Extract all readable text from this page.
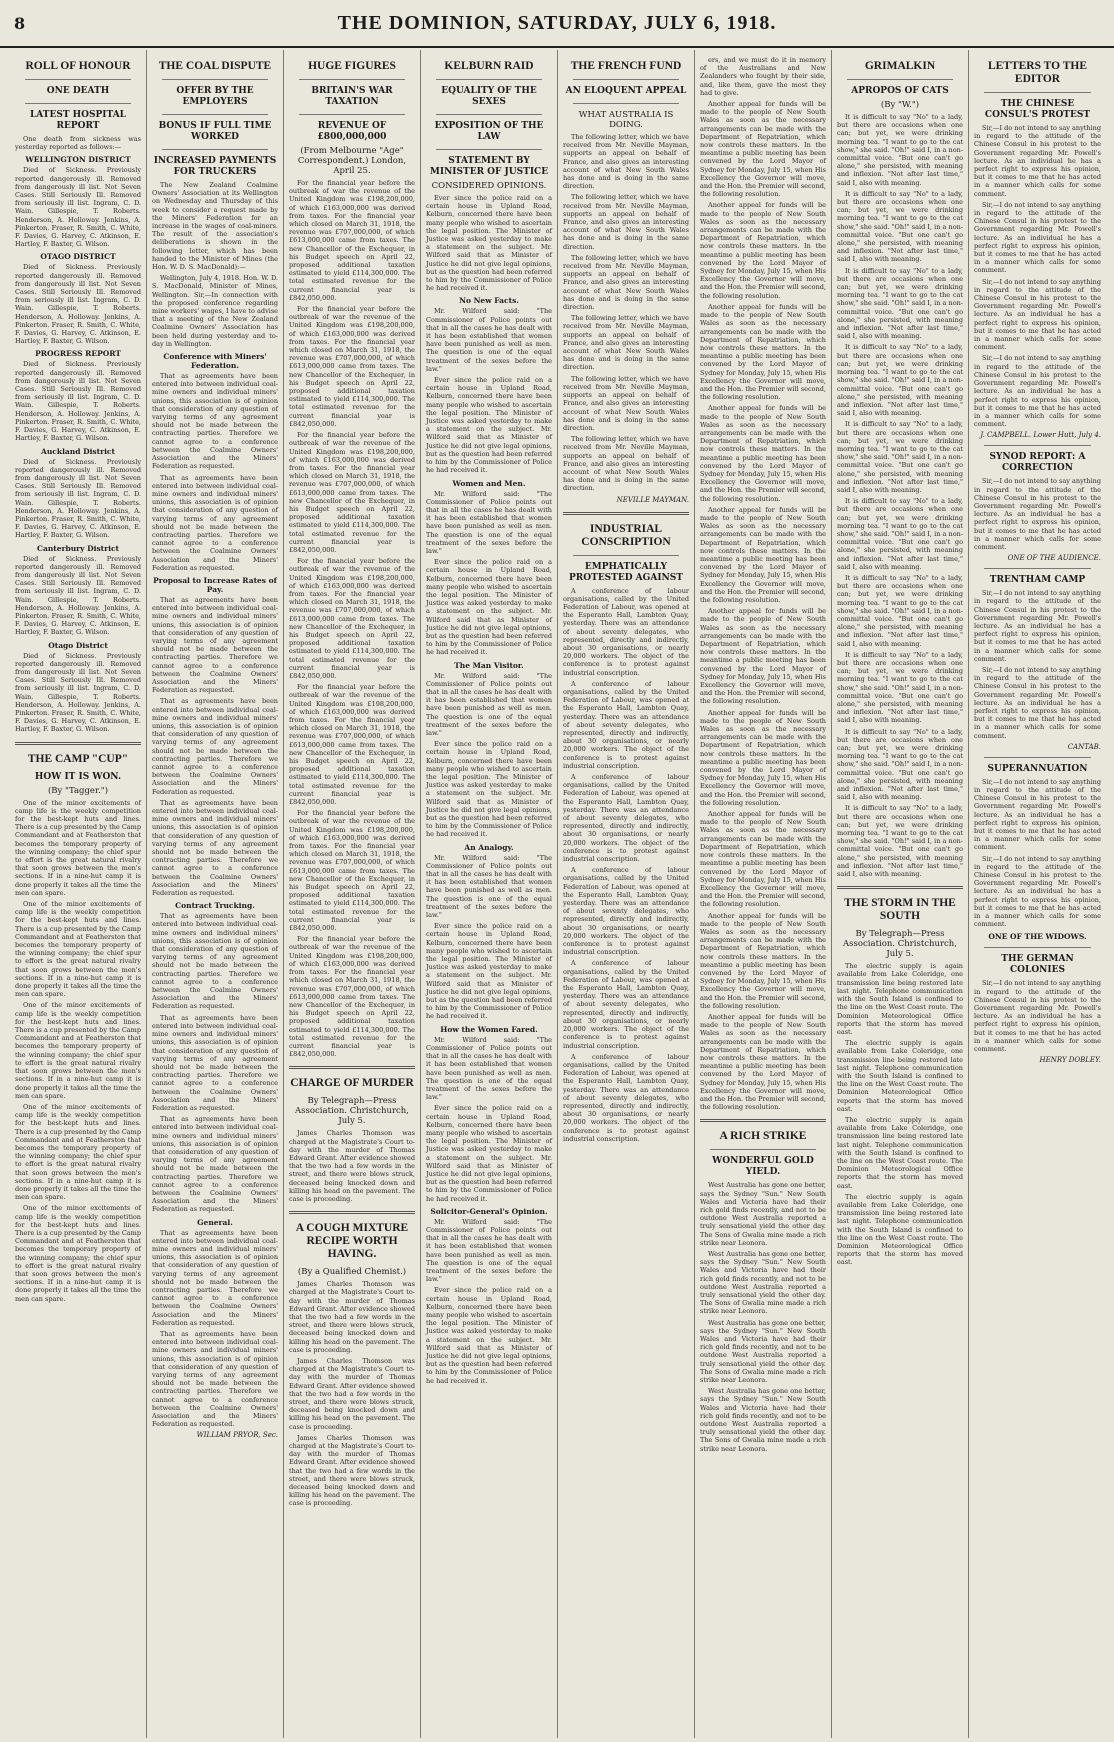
8	THE DOMINION, SATURDAY, JULY 6, 1918.
ROLL OF HONOUR
ONE DEATH
LATEST HOSPITAL REPORT

One death from sickness was yesterday reported as follows:—

WELLINGTON DISTRICT

Died of Sickness. Previously reported dangerously ill. Removed from dangerously ill list. Not Seven Cases. Still Seriously Ill. Removed from seriously ill list. Ingram, C. D. Wain. Gillespie, T. Roberts. Henderson, A. Holloway. Jenkins, A. Pinkerton. Fraser, R. Smith, C. White, F. Davies, G. Harvey, C. Atkinson, E. Hartley, F. Baxter, G. Wilson.

OTAGO DISTRICT

Died of Sickness. Previously reported dangerously ill. Removed from dangerously ill list. Not Seven Cases. Still Seriously Ill. Removed from seriously ill list. Ingram, C. D. Wain. Gillespie, T. Roberts. Henderson, A. Holloway. Jenkins, A. Pinkerton. Fraser, R. Smith, C. White, F. Davies, G. Harvey, C. Atkinson, E. Hartley, F. Baxter, G. Wilson.

PROGRESS REPORT

Died of Sickness. Previously reported dangerously ill. Removed from dangerously ill list. Not Seven Cases. Still Seriously Ill. Removed from seriously ill list. Ingram, C. D. Wain. Gillespie, T. Roberts. Henderson, A. Holloway. Jenkins, A. Pinkerton. Fraser, R. Smith, C. White, F. Davies, G. Harvey, C. Atkinson, E. Hartley, F. Baxter, G. Wilson.

Auckland District

Died of Sickness. Previously reported dangerously ill. Removed from dangerously ill list. Not Seven Cases. Still Seriously Ill. Removed from seriously ill list. Ingram, C. D. Wain. Gillespie, T. Roberts. Henderson, A. Holloway. Jenkins, A. Pinkerton. Fraser, R. Smith, C. White, F. Davies, G. Harvey, C. Atkinson, E. Hartley, F. Baxter, G. Wilson.

Canterbury District

Died of Sickness. Previously reported dangerously ill. Removed from dangerously ill list. Not Seven Cases. Still Seriously Ill. Removed from seriously ill list. Ingram, C. D. Wain. Gillespie, T. Roberts. Henderson, A. Holloway. Jenkins, A. Pinkerton. Fraser, R. Smith, C. White, F. Davies, G. Harvey, C. Atkinson, E. Hartley, F. Baxter, G. Wilson.

Otago District

Died of Sickness. Previously reported dangerously ill. Removed from dangerously ill list. Not Seven Cases. Still Seriously Ill. Removed from seriously ill list. Ingram, C. D. Wain. Gillespie, T. Roberts. Henderson, A. Holloway. Jenkins, A. Pinkerton. Fraser, R. Smith, C. White, F. Davies, G. Harvey, C. Atkinson, E. Hartley, F. Baxter, G. Wilson.

THE CAMP "CUP"
HOW IT IS WON.
(By "Tagger.")

One of the minor excitements of camp life is the weekly competition for the best-kept huts and lines. There is a cup presented by the Camp Commandant and at Featherston that becomes the temporary property of the winning company; the chief spur to effort is the great natural rivalry that soon grows between the men's sections. If in a nine-hut camp it is done properly it takes all the time the men can spare.

One of the minor excitements of camp life is the weekly competition for the best-kept huts and lines. There is a cup presented by the Camp Commandant and at Featherston that becomes the temporary property of the winning company; the chief spur to effort is the great natural rivalry that soon grows between the men's sections. If in a nine-hut camp it is done properly it takes all the time the men can spare.

One of the minor excitements of camp life is the weekly competition for the best-kept huts and lines. There is a cup presented by the Camp Commandant and at Featherston that becomes the temporary property of the winning company; the chief spur to effort is the great natural rivalry that soon grows between the men's sections. If in a nine-hut camp it is done properly it takes all the time the men can spare.

One of the minor excitements of camp life is the weekly competition for the best-kept huts and lines. There is a cup presented by the Camp Commandant and at Featherston that becomes the temporary property of the winning company; the chief spur to effort is the great natural rivalry that soon grows between the men's sections. If in a nine-hut camp it is done properly it takes all the time the men can spare.

One of the minor excitements of camp life is the weekly competition for the best-kept huts and lines. There is a cup presented by the Camp Commandant and at Featherston that becomes the temporary property of the winning company; the chief spur to effort is the great natural rivalry that soon grows between the men's sections. If in a nine-hut camp it is done properly it takes all the time the men can spare.

THE COAL DISPUTE
OFFER BY THE EMPLOYERS
BONUS IF FULL TIME WORKED
INCREASED PAYMENTS FOR TRUCKERS

The New Zealand Coalmine Owners' Association at its Wellington on Wednesday and Thursday of this week to consider a request made by the Miners' Federation for an increase in the wages of coal-miners. The result of the association's deliberations is shown in the following letter, which has been handed to the Minister of Mines (the Hon. W. D. S. MacDonald):—

Wellington, July 4, 1918. Hon. W. D. S. MacDonald, Minister of Mines, Wellington. Sir,—In connection with the proposed conference regarding mine workers' wages, I have to advise that a meeting of the New Zealand Coalmine Owners' Association has been held during yesterday and to-day in Wellington.

Conference with Miners' Federation.

That as agreements have been entered into between individual coal-mine owners and individual miners' unions, this association is of opinion that consideration of any question of varying terms of any agreement should not be made between the contracting parties. Therefore we cannot agree to a conference between the Coalmine Owners' Association and the Miners' Federation as requested.

That as agreements have been entered into between individual coal-mine owners and individual miners' unions, this association is of opinion that consideration of any question of varying terms of any agreement should not be made between the contracting parties. Therefore we cannot agree to a conference between the Coalmine Owners' Association and the Miners' Federation as requested.

Proposal to Increase Rates of Pay.

That as agreements have been entered into between individual coal-mine owners and individual miners' unions, this association is of opinion that consideration of any question of varying terms of any agreement should not be made between the contracting parties. Therefore we cannot agree to a conference between the Coalmine Owners' Association and the Miners' Federation as requested.

That as agreements have been entered into between individual coal-mine owners and individual miners' unions, this association is of opinion that consideration of any question of varying terms of any agreement should not be made between the contracting parties. Therefore we cannot agree to a conference between the Coalmine Owners' Association and the Miners' Federation as requested.

That as agreements have been entered into between individual coal-mine owners and individual miners' unions, this association is of opinion that consideration of any question of varying terms of any agreement should not be made between the contracting parties. Therefore we cannot agree to a conference between the Coalmine Owners' Association and the Miners' Federation as requested.

Contract Trucking.

That as agreements have been entered into between individual coal-mine owners and individual miners' unions, this association is of opinion that consideration of any question of varying terms of any agreement should not be made between the contracting parties. Therefore we cannot agree to a conference between the Coalmine Owners' Association and the Miners' Federation as requested.

That as agreements have been entered into between individual coal-mine owners and individual miners' unions, this association is of opinion that consideration of any question of varying terms of any agreement should not be made between the contracting parties. Therefore we cannot agree to a conference between the Coalmine Owners' Association and the Miners' Federation as requested.

That as agreements have been entered into between individual coal-mine owners and individual miners' unions, this association is of opinion that consideration of any question of varying terms of any agreement should not be made between the contracting parties. Therefore we cannot agree to a conference between the Coalmine Owners' Association and the Miners' Federation as requested.

General.

That as agreements have been entered into between individual coal-mine owners and individual miners' unions, this association is of opinion that consideration of any question of varying terms of any agreement should not be made between the contracting parties. Therefore we cannot agree to a conference between the Coalmine Owners' Association and the Miners' Federation as requested.

That as agreements have been entered into between individual coal-mine owners and individual miners' unions, this association is of opinion that consideration of any question of varying terms of any agreement should not be made between the contracting parties. Therefore we cannot agree to a conference between the Coalmine Owners' Association and the Miners' Federation as requested.

WILLIAM PRYOR, Sec.

HUGE FIGURES
BRITAIN'S WAR TAXATION
REVENUE OF £800,000,000
(From Melbourne "Age" Correspondent.) London, April 25.

For the financial year before the outbreak of war the revenue of the United Kingdom was £198,200,000, of which £163,000,000 was derived from taxes. For the financial year which closed on March 31, 1918, the revenue was £707,000,000, of which £613,000,000 came from taxes. The new Chancellor of the Exchequer, in his Budget speech on April 22, proposed additional taxation estimated to yield £114,300,000. The total estimated revenue for the current financial year is £842,050,000.

For the financial year before the outbreak of war the revenue of the United Kingdom was £198,200,000, of which £163,000,000 was derived from taxes. For the financial year which closed on March 31, 1918, the revenue was £707,000,000, of which £613,000,000 came from taxes. The new Chancellor of the Exchequer, in his Budget speech on April 22, proposed additional taxation estimated to yield £114,300,000. The total estimated revenue for the current financial year is £842,050,000.

For the financial year before the outbreak of war the revenue of the United Kingdom was £198,200,000, of which £163,000,000 was derived from taxes. For the financial year which closed on March 31, 1918, the revenue was £707,000,000, of which £613,000,000 came from taxes. The new Chancellor of the Exchequer, in his Budget speech on April 22, proposed additional taxation estimated to yield £114,300,000. The total estimated revenue for the current financial year is £842,050,000.

For the financial year before the outbreak of war the revenue of the United Kingdom was £198,200,000, of which £163,000,000 was derived from taxes. For the financial year which closed on March 31, 1918, the revenue was £707,000,000, of which £613,000,000 came from taxes. The new Chancellor of the Exchequer, in his Budget speech on April 22, proposed additional taxation estimated to yield £114,300,000. The total estimated revenue for the current financial year is £842,050,000.

For the financial year before the outbreak of war the revenue of the United Kingdom was £198,200,000, of which £163,000,000 was derived from taxes. For the financial year which closed on March 31, 1918, the revenue was £707,000,000, of which £613,000,000 came from taxes. The new Chancellor of the Exchequer, in his Budget speech on April 22, proposed additional taxation estimated to yield £114,300,000. The total estimated revenue for the current financial year is £842,050,000.

For the financial year before the outbreak of war the revenue of the United Kingdom was £198,200,000, of which £163,000,000 was derived from taxes. For the financial year which closed on March 31, 1918, the revenue was £707,000,000, of which £613,000,000 came from taxes. The new Chancellor of the Exchequer, in his Budget speech on April 22, proposed additional taxation estimated to yield £114,300,000. The total estimated revenue for the current financial year is £842,050,000.

For the financial year before the outbreak of war the revenue of the United Kingdom was £198,200,000, of which £163,000,000 was derived from taxes. For the financial year which closed on March 31, 1918, the revenue was £707,000,000, of which £613,000,000 came from taxes. The new Chancellor of the Exchequer, in his Budget speech on April 22, proposed additional taxation estimated to yield £114,300,000. The total estimated revenue for the current financial year is £842,050,000.

CHARGE OF MURDER
By Telegraph—Press Association. Christchurch, July 5.

James Charles Thomson was charged at the Magistrate's Court to-day with the murder of Thomas Edward Grant. After evidence showed that the two had a few words in the street, and there were blows struck, deceased being knocked down and killing his head on the pavement. The case is proceeding.

A COUGH MIXTURE RECIPE WORTH HAVING.
(By a Qualified Chemist.)

James Charles Thomson was charged at the Magistrate's Court to-day with the murder of Thomas Edward Grant. After evidence showed that the two had a few words in the street, and there were blows struck, deceased being knocked down and killing his head on the pavement. The case is proceeding.

James Charles Thomson was charged at the Magistrate's Court to-day with the murder of Thomas Edward Grant. After evidence showed that the two had a few words in the street, and there were blows struck, deceased being knocked down and killing his head on the pavement. The case is proceeding.

James Charles Thomson was charged at the Magistrate's Court to-day with the murder of Thomas Edward Grant. After evidence showed that the two had a few words in the street, and there were blows struck, deceased being knocked down and killing his head on the pavement. The case is proceeding.

KELBURN RAID
EQUALITY OF THE SEXES
EXPOSITION OF THE LAW
STATEMENT BY MINISTER OF JUSTICE
CONSIDERED OPINIONS.

Ever since the police raid on a certain house in Upland Road, Kelburn, concerned there have been many people who wished to ascertain the legal position. The Minister of Justice was asked yesterday to make a statement on the subject. Mr. Wilford said that as Minister of Justice he did not give legal opinions, but as the question had been referred to him by the Commissioner of Police he had received it.

No New Facts.

Mr. Wilford said: "The Commissioner of Police points out that in all the cases he has dealt with it has been established that women have been punished as well as men. The question is one of the equal treatment of the sexes before the law."

Ever since the police raid on a certain house in Upland Road, Kelburn, concerned there have been many people who wished to ascertain the legal position. The Minister of Justice was asked yesterday to make a statement on the subject. Mr. Wilford said that as Minister of Justice he did not give legal opinions, but as the question had been referred to him by the Commissioner of Police he had received it.

Women and Men.

Mr. Wilford said: "The Commissioner of Police points out that in all the cases he has dealt with it has been established that women have been punished as well as men. The question is one of the equal treatment of the sexes before the law."

Ever since the police raid on a certain house in Upland Road, Kelburn, concerned there have been many people who wished to ascertain the legal position. The Minister of Justice was asked yesterday to make a statement on the subject. Mr. Wilford said that as Minister of Justice he did not give legal opinions, but as the question had been referred to him by the Commissioner of Police he had received it.

The Man Visitor.

Mr. Wilford said: "The Commissioner of Police points out that in all the cases he has dealt with it has been established that women have been punished as well as men. The question is one of the equal treatment of the sexes before the law."

Ever since the police raid on a certain house in Upland Road, Kelburn, concerned there have been many people who wished to ascertain the legal position. The Minister of Justice was asked yesterday to make a statement on the subject. Mr. Wilford said that as Minister of Justice he did not give legal opinions, but as the question had been referred to him by the Commissioner of Police he had received it.

An Analogy.

Mr. Wilford said: "The Commissioner of Police points out that in all the cases he has dealt with it has been established that women have been punished as well as men. The question is one of the equal treatment of the sexes before the law."

Ever since the police raid on a certain house in Upland Road, Kelburn, concerned there have been many people who wished to ascertain the legal position. The Minister of Justice was asked yesterday to make a statement on the subject. Mr. Wilford said that as Minister of Justice he did not give legal opinions, but as the question had been referred to him by the Commissioner of Police he had received it.

How the Women Fared.

Mr. Wilford said: "The Commissioner of Police points out that in all the cases he has dealt with it has been established that women have been punished as well as men. The question is one of the equal treatment of the sexes before the law."

Ever since the police raid on a certain house in Upland Road, Kelburn, concerned there have been many people who wished to ascertain the legal position. The Minister of Justice was asked yesterday to make a statement on the subject. Mr. Wilford said that as Minister of Justice he did not give legal opinions, but as the question had been referred to him by the Commissioner of Police he had received it.

Solicitor-General's Opinion.

Mr. Wilford said: "The Commissioner of Police points out that in all the cases he has dealt with it has been established that women have been punished as well as men. The question is one of the equal treatment of the sexes before the law."

Ever since the police raid on a certain house in Upland Road, Kelburn, concerned there have been many people who wished to ascertain the legal position. The Minister of Justice was asked yesterday to make a statement on the subject. Mr. Wilford said that as Minister of Justice he did not give legal opinions, but as the question had been referred to him by the Commissioner of Police he had received it.

THE FRENCH FUND
AN ELOQUENT APPEAL
WHAT AUSTRALIA IS DOING.

The following letter, which we have received from Mr. Neville Mayman, supports an appeal on behalf of France, and also gives an interesting account of what New South Wales has done and is doing in the same direction.

The following letter, which we have received from Mr. Neville Mayman, supports an appeal on behalf of France, and also gives an interesting account of what New South Wales has done and is doing in the same direction.

The following letter, which we have received from Mr. Neville Mayman, supports an appeal on behalf of France, and also gives an interesting account of what New South Wales has done and is doing in the same direction.

The following letter, which we have received from Mr. Neville Mayman, supports an appeal on behalf of France, and also gives an interesting account of what New South Wales has done and is doing in the same direction.

The following letter, which we have received from Mr. Neville Mayman, supports an appeal on behalf of France, and also gives an interesting account of what New South Wales has done and is doing in the same direction.

The following letter, which we have received from Mr. Neville Mayman, supports an appeal on behalf of France, and also gives an interesting account of what New South Wales has done and is doing in the same direction.

NEVILLE MAYMAN.

INDUSTRIAL CONSCRIPTION
EMPHATICALLY PROTESTED AGAINST

A conference of labour organisations, called by the United Federation of Labour, was opened at the Esperanto Hall, Lambton Quay, yesterday. There was an attendance of about seventy delegates, who represented, directly and indirectly, about 30 organisations, or nearly 20,000 workers. The object of the conference is to protest against industrial conscription.

A conference of labour organisations, called by the United Federation of Labour, was opened at the Esperanto Hall, Lambton Quay, yesterday. There was an attendance of about seventy delegates, who represented, directly and indirectly, about 30 organisations, or nearly 20,000 workers. The object of the conference is to protest against industrial conscription.

A conference of labour organisations, called by the United Federation of Labour, was opened at the Esperanto Hall, Lambton Quay, yesterday. There was an attendance of about seventy delegates, who represented, directly and indirectly, about 30 organisations, or nearly 20,000 workers. The object of the conference is to protest against industrial conscription.

A conference of labour organisations, called by the United Federation of Labour, was opened at the Esperanto Hall, Lambton Quay, yesterday. There was an attendance of about seventy delegates, who represented, directly and indirectly, about 30 organisations, or nearly 20,000 workers. The object of the conference is to protest against industrial conscription.

A conference of labour organisations, called by the United Federation of Labour, was opened at the Esperanto Hall, Lambton Quay, yesterday. There was an attendance of about seventy delegates, who represented, directly and indirectly, about 30 organisations, or nearly 20,000 workers. The object of the conference is to protest against industrial conscription.

A conference of labour organisations, called by the United Federation of Labour, was opened at the Esperanto Hall, Lambton Quay, yesterday. There was an attendance of about seventy delegates, who represented, directly and indirectly, about 30 organisations, or nearly 20,000 workers. The object of the conference is to protest against industrial conscription.

ers, and we must do it in memory of the Australians and New Zealanders who fought by their side, and, like them, gave the most they had to give.

Another appeal for funds will be made to the people of New South Wales as soon as the necessary arrangements can be made with the Department of Repatriation, which now controls these matters. In the meantime a public meeting has been convened by the Lord Mayor of Sydney for Monday, July 15, when His Excellency the Governor will move, and the Hon. the Premier will second, the following resolution.

Another appeal for funds will be made to the people of New South Wales as soon as the necessary arrangements can be made with the Department of Repatriation, which now controls these matters. In the meantime a public meeting has been convened by the Lord Mayor of Sydney for Monday, July 15, when His Excellency the Governor will move, and the Hon. the Premier will second, the following resolution.

Another appeal for funds will be made to the people of New South Wales as soon as the necessary arrangements can be made with the Department of Repatriation, which now controls these matters. In the meantime a public meeting has been convened by the Lord Mayor of Sydney for Monday, July 15, when His Excellency the Governor will move, and the Hon. the Premier will second, the following resolution.

Another appeal for funds will be made to the people of New South Wales as soon as the necessary arrangements can be made with the Department of Repatriation, which now controls these matters. In the meantime a public meeting has been convened by the Lord Mayor of Sydney for Monday, July 15, when His Excellency the Governor will move, and the Hon. the Premier will second, the following resolution.

Another appeal for funds will be made to the people of New South Wales as soon as the necessary arrangements can be made with the Department of Repatriation, which now controls these matters. In the meantime a public meeting has been convened by the Lord Mayor of Sydney for Monday, July 15, when His Excellency the Governor will move, and the Hon. the Premier will second, the following resolution.

Another appeal for funds will be made to the people of New South Wales as soon as the necessary arrangements can be made with the Department of Repatriation, which now controls these matters. In the meantime a public meeting has been convened by the Lord Mayor of Sydney for Monday, July 15, when His Excellency the Governor will move, and the Hon. the Premier will second, the following resolution.

Another appeal for funds will be made to the people of New South Wales as soon as the necessary arrangements can be made with the Department of Repatriation, which now controls these matters. In the meantime a public meeting has been convened by the Lord Mayor of Sydney for Monday, July 15, when His Excellency the Governor will move, and the Hon. the Premier will second, the following resolution.

Another appeal for funds will be made to the people of New South Wales as soon as the necessary arrangements can be made with the Department of Repatriation, which now controls these matters. In the meantime a public meeting has been convened by the Lord Mayor of Sydney for Monday, July 15, when His Excellency the Governor will move, and the Hon. the Premier will second, the following resolution.

Another appeal for funds will be made to the people of New South Wales as soon as the necessary arrangements can be made with the Department of Repatriation, which now controls these matters. In the meantime a public meeting has been convened by the Lord Mayor of Sydney for Monday, July 15, when His Excellency the Governor will move, and the Hon. the Premier will second, the following resolution.

Another appeal for funds will be made to the people of New South Wales as soon as the necessary arrangements can be made with the Department of Repatriation, which now controls these matters. In the meantime a public meeting has been convened by the Lord Mayor of Sydney for Monday, July 15, when His Excellency the Governor will move, and the Hon. the Premier will second, the following resolution.

A RICH STRIKE
WONDERFUL GOLD YIELD.

West Australia has gone one better, says the Sydney "Sun." New South Wales and Victoria have had their rich gold finds recently, and not to be outdone West Australia reported a truly sensational yield the other day. The Sons of Gwalia mine made a rich strike near Leonora.

West Australia has gone one better, says the Sydney "Sun." New South Wales and Victoria have had their rich gold finds recently, and not to be outdone West Australia reported a truly sensational yield the other day. The Sons of Gwalia mine made a rich strike near Leonora.

West Australia has gone one better, says the Sydney "Sun." New South Wales and Victoria have had their rich gold finds recently, and not to be outdone West Australia reported a truly sensational yield the other day. The Sons of Gwalia mine made a rich strike near Leonora.

West Australia has gone one better, says the Sydney "Sun." New South Wales and Victoria have had their rich gold finds recently, and not to be outdone West Australia reported a truly sensational yield the other day. The Sons of Gwalia mine made a rich strike near Leonora.

GRIMALKIN
APROPOS OF CATS
(By "W.")

It is difficult to say "No" to a lady, but there are occasions when one can; but yet, we were drinking morning tea. "I want to go to the cat show," she said. "Oh!" said I, in a non-committal voice. "But one can't go alone," she persisted, with meaning and inflexion. "Not after last time," said I, also with meaning.

It is difficult to say "No" to a lady, but there are occasions when one can; but yet, we were drinking morning tea. "I want to go to the cat show," she said. "Oh!" said I, in a non-committal voice. "But one can't go alone," she persisted, with meaning and inflexion. "Not after last time," said I, also with meaning.

It is difficult to say "No" to a lady, but there are occasions when one can; but yet, we were drinking morning tea. "I want to go to the cat show," she said. "Oh!" said I, in a non-committal voice. "But one can't go alone," she persisted, with meaning and inflexion. "Not after last time," said I, also with meaning.

It is difficult to say "No" to a lady, but there are occasions when one can; but yet, we were drinking morning tea. "I want to go to the cat show," she said. "Oh!" said I, in a non-committal voice. "But one can't go alone," she persisted, with meaning and inflexion. "Not after last time," said I, also with meaning.

It is difficult to say "No" to a lady, but there are occasions when one can; but yet, we were drinking morning tea. "I want to go to the cat show," she said. "Oh!" said I, in a non-committal voice. "But one can't go alone," she persisted, with meaning and inflexion. "Not after last time," said I, also with meaning.

It is difficult to say "No" to a lady, but there are occasions when one can; but yet, we were drinking morning tea. "I want to go to the cat show," she said. "Oh!" said I, in a non-committal voice. "But one can't go alone," she persisted, with meaning and inflexion. "Not after last time," said I, also with meaning.

It is difficult to say "No" to a lady, but there are occasions when one can; but yet, we were drinking morning tea. "I want to go to the cat show," she said. "Oh!" said I, in a non-committal voice. "But one can't go alone," she persisted, with meaning and inflexion. "Not after last time," said I, also with meaning.

It is difficult to say "No" to a lady, but there are occasions when one can; but yet, we were drinking morning tea. "I want to go to the cat show," she said. "Oh!" said I, in a non-committal voice. "But one can't go alone," she persisted, with meaning and inflexion. "Not after last time," said I, also with meaning.

It is difficult to say "No" to a lady, but there are occasions when one can; but yet, we were drinking morning tea. "I want to go to the cat show," she said. "Oh!" said I, in a non-committal voice. "But one can't go alone," she persisted, with meaning and inflexion. "Not after last time," said I, also with meaning.

It is difficult to say "No" to a lady, but there are occasions when one can; but yet, we were drinking morning tea. "I want to go to the cat show," she said. "Oh!" said I, in a non-committal voice. "But one can't go alone," she persisted, with meaning and inflexion. "Not after last time," said I, also with meaning.

THE STORM IN THE SOUTH
By Telegraph—Press Association. Christchurch, July 5.

The electric supply is again available from Lake Coleridge, one transmission line being restored late last night. Telephone communication with the South Island is confined to the line on the West Coast route. The Dominion Meteorological Office reports that the storm has moved east.

The electric supply is again available from Lake Coleridge, one transmission line being restored late last night. Telephone communication with the South Island is confined to the line on the West Coast route. The Dominion Meteorological Office reports that the storm has moved east.

The electric supply is again available from Lake Coleridge, one transmission line being restored late last night. Telephone communication with the South Island is confined to the line on the West Coast route. The Dominion Meteorological Office reports that the storm has moved east.

The electric supply is again available from Lake Coleridge, one transmission line being restored late last night. Telephone communication with the South Island is confined to the line on the West Coast route. The Dominion Meteorological Office reports that the storm has moved east.

LETTERS TO THE EDITOR
THE CHINESE CONSUL'S PROTEST

Sir,—I do not intend to say anything in regard to the attitude of the Chinese Consul in his protest to the Government regarding Mr. Powell's lecture. As an individual he has a perfect right to express his opinion, but it comes to me that he has acted in a manner which calls for some comment.

Sir,—I do not intend to say anything in regard to the attitude of the Chinese Consul in his protest to the Government regarding Mr. Powell's lecture. As an individual he has a perfect right to express his opinion, but it comes to me that he has acted in a manner which calls for some comment.

Sir,—I do not intend to say anything in regard to the attitude of the Chinese Consul in his protest to the Government regarding Mr. Powell's lecture. As an individual he has a perfect right to express his opinion, but it comes to me that he has acted in a manner which calls for some comment.

Sir,—I do not intend to say anything in regard to the attitude of the Chinese Consul in his protest to the Government regarding Mr. Powell's lecture. As an individual he has a perfect right to express his opinion, but it comes to me that he has acted in a manner which calls for some comment.

J. CAMPBELL. Lower Hutt, July 4.

SYNOD REPORT: A CORRECTION

Sir,—I do not intend to say anything in regard to the attitude of the Chinese Consul in his protest to the Government regarding Mr. Powell's lecture. As an individual he has a perfect right to express his opinion, but it comes to me that he has acted in a manner which calls for some comment.

ONE OF THE AUDIENCE.

TRENTHAM CAMP

Sir,—I do not intend to say anything in regard to the attitude of the Chinese Consul in his protest to the Government regarding Mr. Powell's lecture. As an individual he has a perfect right to express his opinion, but it comes to me that he has acted in a manner which calls for some comment.

Sir,—I do not intend to say anything in regard to the attitude of the Chinese Consul in his protest to the Government regarding Mr. Powell's lecture. As an individual he has a perfect right to express his opinion, but it comes to me that he has acted in a manner which calls for some comment.

CANTAB.

SUPERANNUATION

Sir,—I do not intend to say anything in regard to the attitude of the Chinese Consul in his protest to the Government regarding Mr. Powell's lecture. As an individual he has a perfect right to express his opinion, but it comes to me that he has acted in a manner which calls for some comment.

Sir,—I do not intend to say anything in regard to the attitude of the Chinese Consul in his protest to the Government regarding Mr. Powell's lecture. As an individual he has a perfect right to express his opinion, but it comes to me that he has acted in a manner which calls for some comment.

ONE OF THE WIDOWS.
THE GERMAN COLONIES

Sir,—I do not intend to say anything in regard to the attitude of the Chinese Consul in his protest to the Government regarding Mr. Powell's lecture. As an individual he has a perfect right to express his opinion, but it comes to me that he has acted in a manner which calls for some comment.

HENRY DOBLEY.
